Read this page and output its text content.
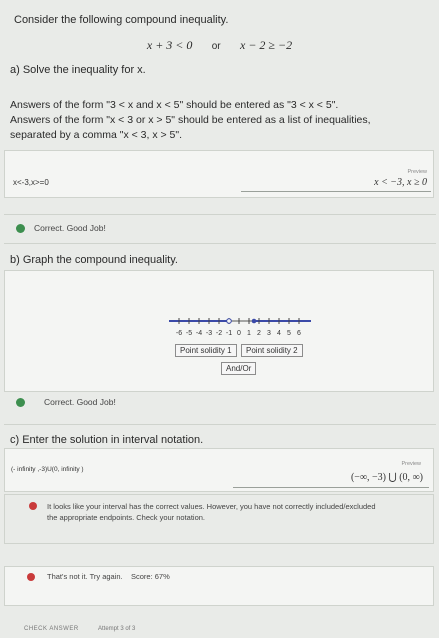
Consider the following compound inequality.
x + 3 < 0 or x − 2 ≥ −2
a) Solve the inequality for x.
Answers of the form "3 < x and x < 5" should be entered as "3 < x < 5".
Answers of the form "x < 3 or x > 5" should be entered as a list of inequalities,
separated by a comma "x < 3, x > 5".
x<-3,x>=0
Preview
x < −3, x ≥ 0
Correct. Good Job!
b) Graph the compound inequality.
-6 -5 -4 -3 -2 -1 0 1 2 3 4 5 6
Point solidity 1	Point solidity 2
And/Or
Correct. Good Job!
c) Enter the solution in interval notation.
(- infinity ,-3)U(0, infinity )
Preview
(−∞, −3) ⋃ (0, ∞)
It looks like your interval has the correct values. However, you have not correctly included/excluded
the appropriate endpoints. Check your notation.
That's not it. Try again. Score: 67%
CHECK ANSWER	Attempt 3 of 3
